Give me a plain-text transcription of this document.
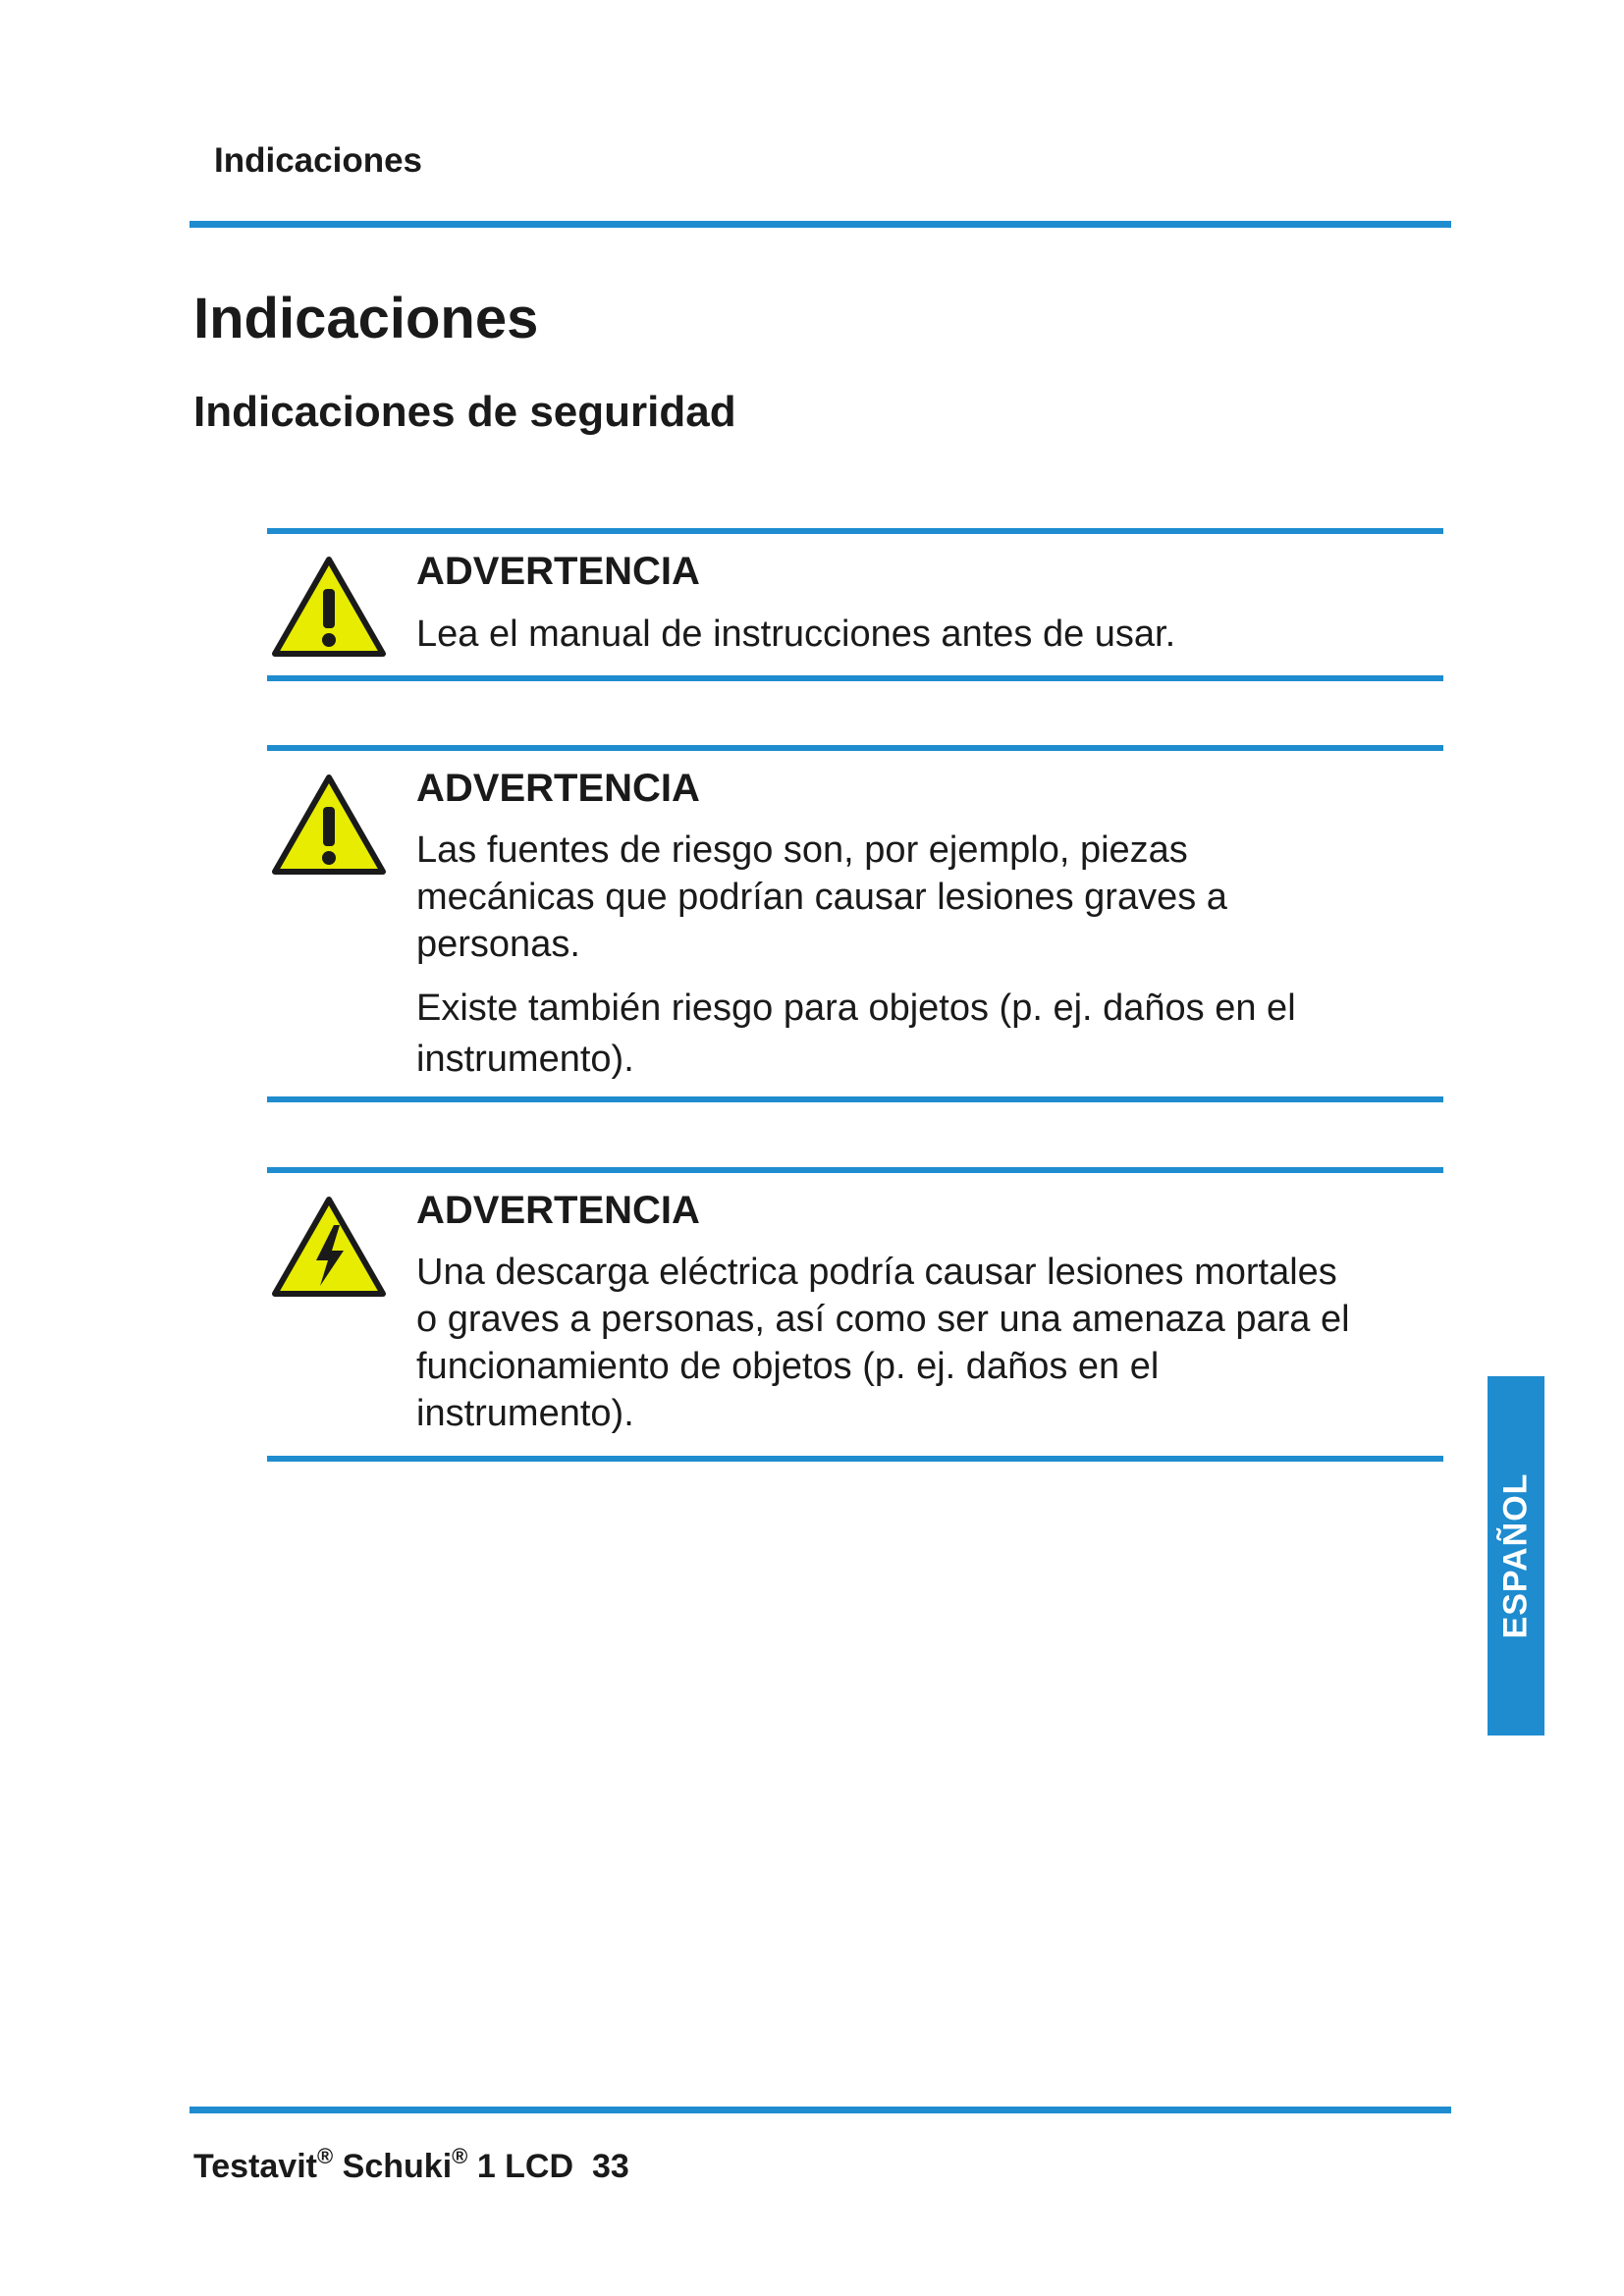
Indicaciones

Indicaciones
Indicaciones de seguridad

ADVERTENCIA

Lea el manual de instrucciones antes de usar.

ADVERTENCIA

Las fuentes de riesgo son, por ejemplo, piezas mecánicas que podrían causar lesiones graves a personas.

Existe también riesgo para objetos (p. ej. daños en el instrumento).

ADVERTENCIA

Una descarga eléctrica podría causar lesiones mortales o graves a personas, así como ser una amenaza para el funcionamiento de objetos (p. ej. daños en el instrumento).

ESPAÑOL

Testavit® Schuki® 1 LCD 33
